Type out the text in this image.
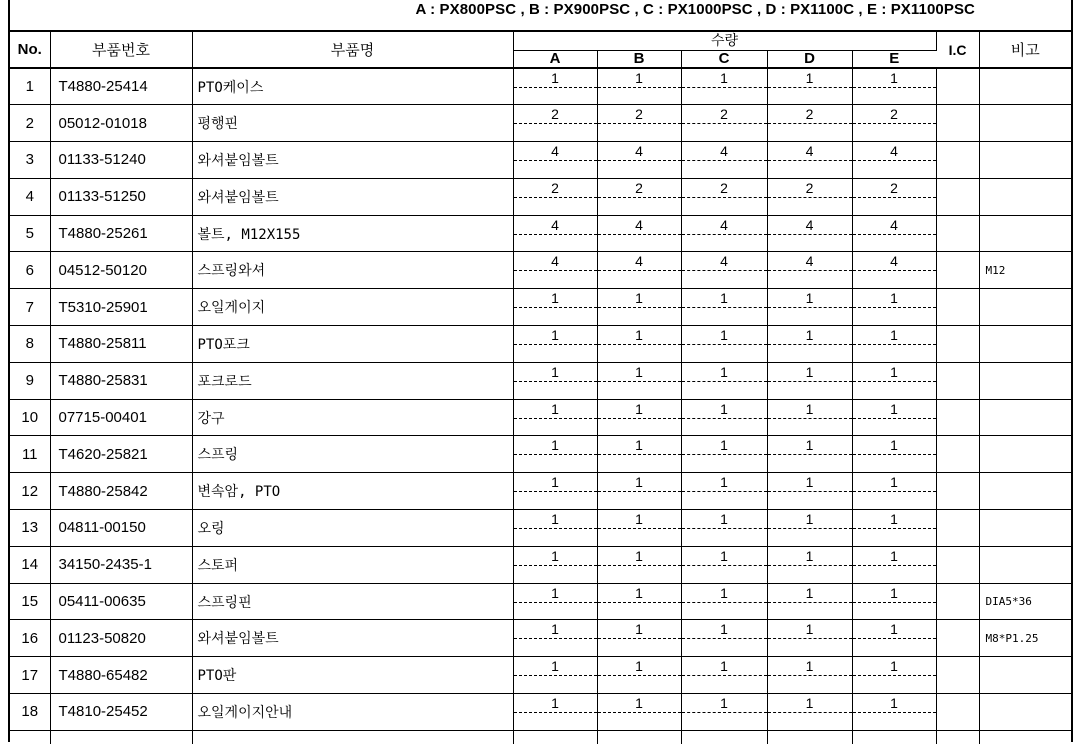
A : PX800PSC , B : PX900PSC , C : PX1000PSC , D : PX1100C , E : PX1100PSC
No.	부품번호	부품명	수량					I.C	비고
			A	B	C	D	E		
1	T4880-25414	PTO케이스	1	1	1	1	1		

2	05012-01018	평행핀	2	2	2	2	2		

3	01133-51240	와셔붙임볼트	4	4	4	4	4		

4	01133-51250	와셔붙임볼트	2	2	2	2	2		

5	T4880-25261	볼트, M12X155	4	4	4	4	4		

6	04512-50120	스프링와셔	4	4	4	4	4		M12
7	T5310-25901	오일게이지	1	1	1	1	1		

8	T4880-25811	PTO포크	1	1	1	1	1		

9	T4880-25831	포크로드	1	1	1	1	1		

10	07715-00401	강구	1	1	1	1	1		

11	T4620-25821	스프링	1	1	1	1	1		

12	T4880-25842	변속암, PTO	1	1	1	1	1		

13	04811-00150	오링	1	1	1	1	1		

14	34150-2435-1	스토퍼	1	1	1	1	1		

15	05411-00635	스프링핀	1	1	1	1	1		DIA5*36
16	01123-50820	와셔붙임볼트	1	1	1	1	1		M8*P1.25
17	T4880-65482	PTO판	1	1	1	1	1		

18	T4810-25452	오일게이지안내	1	1	1	1	1		
